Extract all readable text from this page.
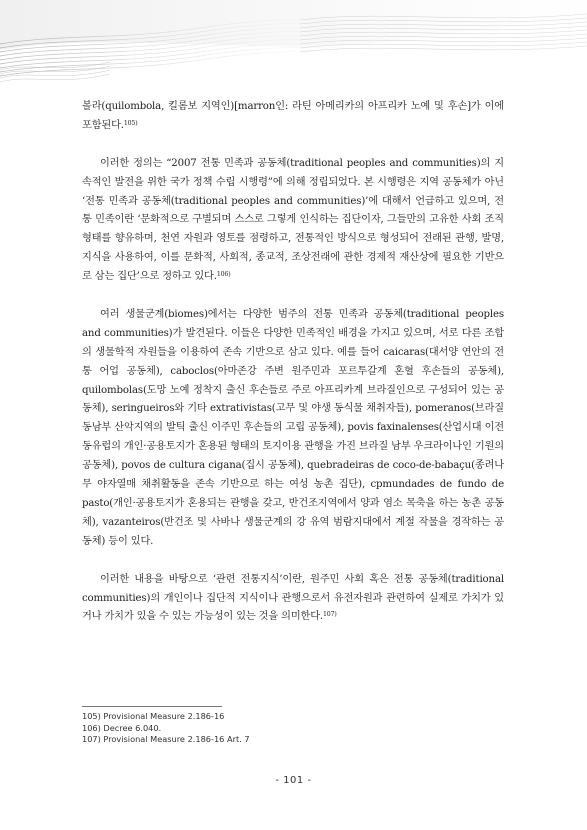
볼라(quilombola, 킬롬보 지역인)[marron인: 라틴 아메리카의 아프리카 노예 및 후손]가 이에 포함된다.$^{105)}$

이러한 정의는 “2007 전통 민족과 공동체(traditional peoples and communities)의 지속적인 발전을 위한 국가 정책 수립 시행령”에 의해 정립되었다. 본 시행령은 지역 공동체가 아닌 ‘전통 민족과 공동체(traditional peoples and communities)’에 대해서 언급하고 있으며, 전통 민족이란 ‘문화적으로 구별되며 스스로 그렇게 인식하는 집단이자, 그들만의 고유한 사회 조직 형태를 향유하며, 천연 자원과 영토를 점령하고, 전통적인 방식으로 형성되어 전래된 관행, 발명, 지식을 사용하여, 이를 문화적, 사회적, 종교적, 조상전래에 관한 경제적 재산상에 필요한 기반으로 삼는 집단’으로 정하고 있다.$^{106)}$

여러 생물군계(biomes)에서는 다양한 범주의 전통 민족과 공동체(traditional peoples and communities)가 발견된다. 이들은 다양한 민족적인 배경을 가지고 있으며, 서로 다른 조합의 생물학적 자원들을 이용하여 존속 기반으로 삼고 있다. 예를 들어 caicaras(대서양 연안의 전통 어업 공동체), caboclos(아마존강 주변 원주민과 포르투갈계 혼혈 후손들의 공동체), quilombolas(도망 노예 정착지 출신 후손들로 주로 아프리카계 브라질인으로 구성되어 있는 공동체), seringueiros와 기타 extrativistas(고무 및 야생 동식물 채취자들), pomeranos(브라질 동남부 산악지역의 발틱 출신 이주민 후손들의 고립 공동체), povis faxinalenses(산업시대 이전 동유럽의 개인·공용토지가 혼용된 형태의 토지이용 관행을 가진 브라질 남부 우크라이나인 기원의 공동체), povos de cultura cigana(집시 공동체), quebradeiras de coco-de-babaçu(종려나무 야자열매 채취활동을 존속 기반으로 하는 여성 농촌 집단), cpmundades de fundo de pasto(개인·공용토지가 혼용되는 관행을 갖고, 반건조지역에서 양과 염소 목축을 하는 농촌 공동체), vazanteiros(반건조 및 사바나 생물군계의 강 유역 범람지대에서 계절 작물을 경작하는 공동체) 등이 있다.

이러한 내용을 바탕으로 ‘관련 전통지식’이란, 원주민 사회 혹은 전통 공동체(traditional communities)의 개인이나 집단적 지식이나 관행으로서 유전자원과 관련하여 실제로 가치가 있거나 가치가 있을 수 있는 가능성이 있는 것을 의미한다.$^{107)}$

105) Provisional Measure 2.186-16
106) Decree 6.040.
107) Provisional Measure 2.186-16 Art. 7
- 101 -
